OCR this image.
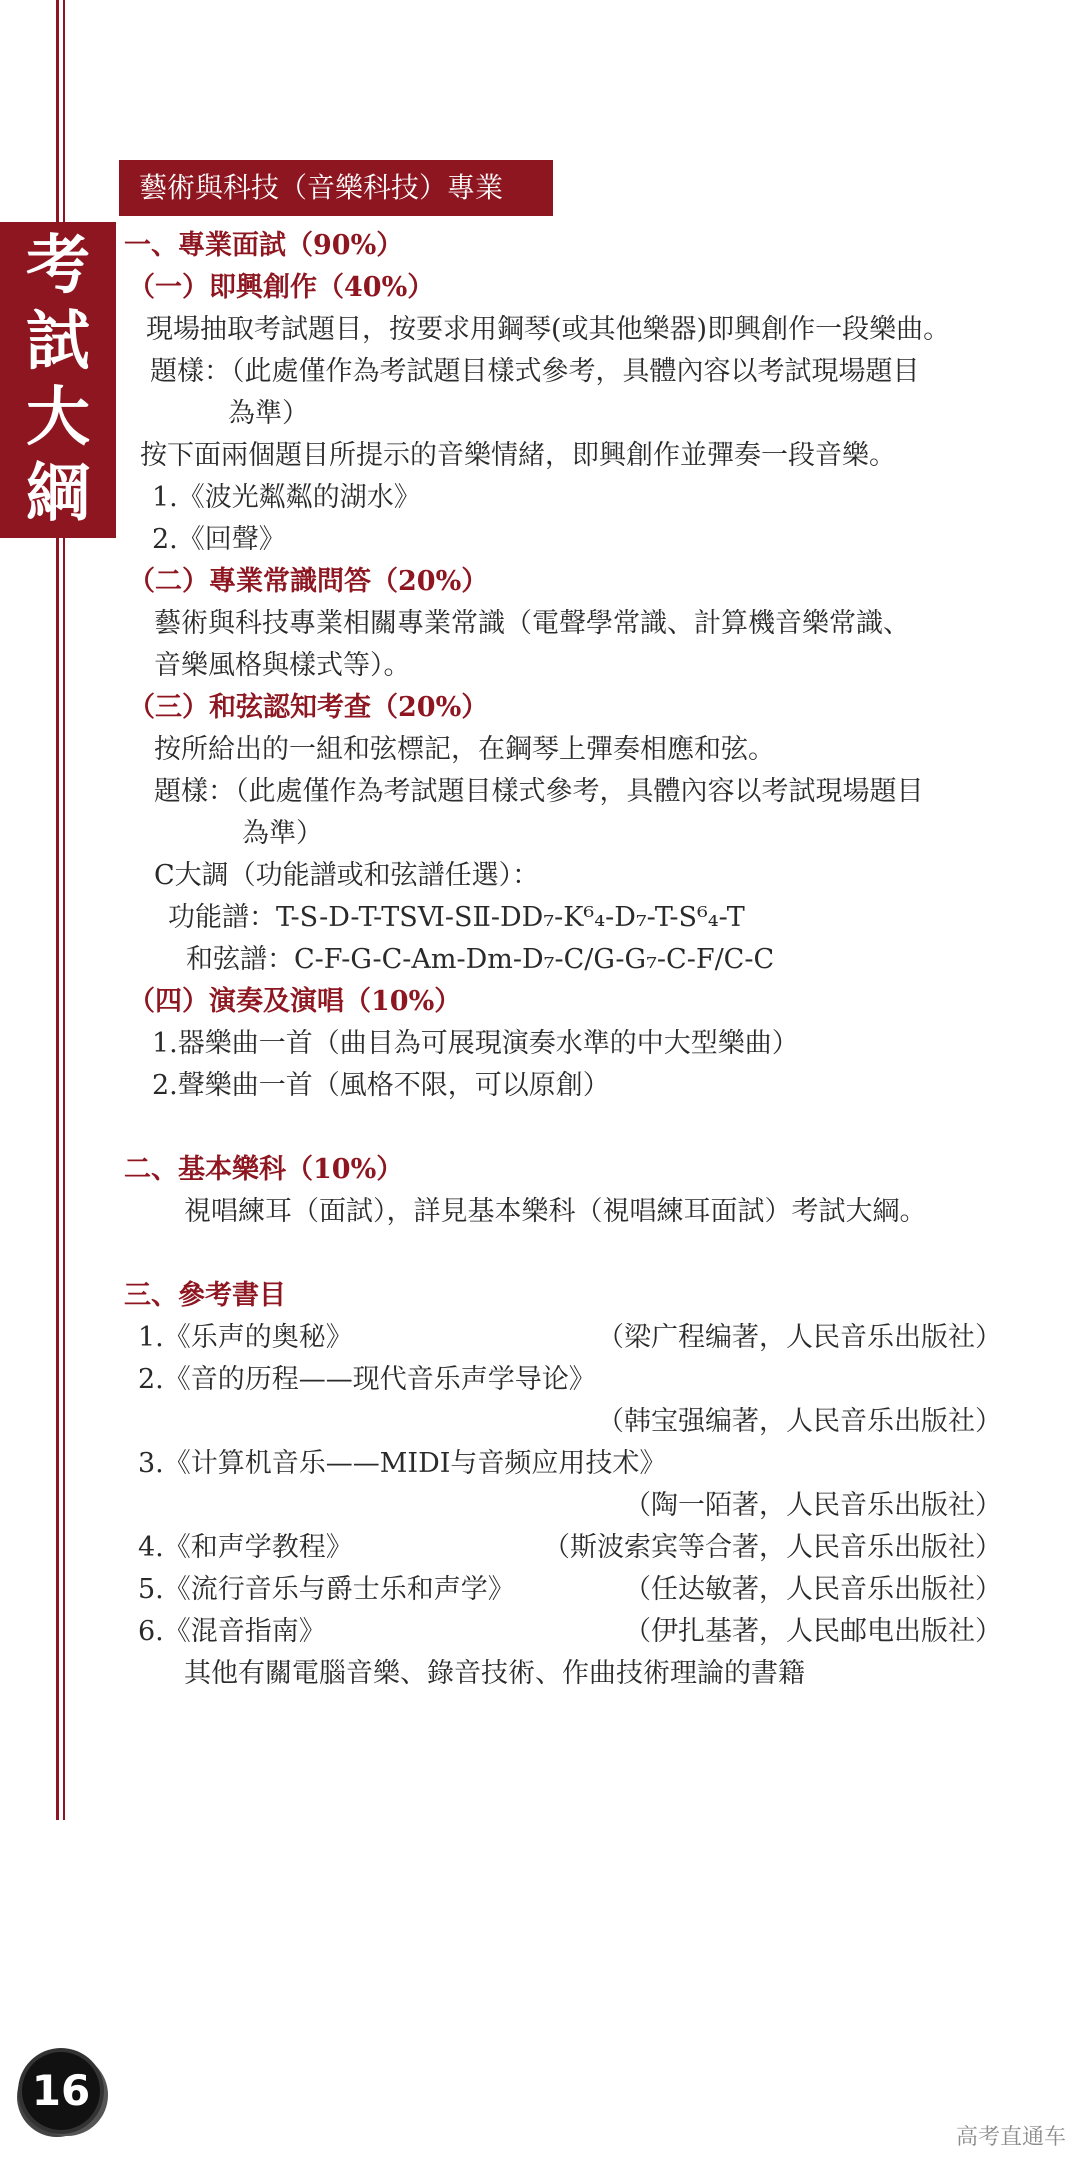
考
試
大
綱
藝術與科技（音樂科技）專業
一、專業面試（90%）
（一）即興創作（40%）
現場抽取考試題目，按要求用鋼琴(或其他樂器)即興創作一段樂曲。
題樣：（此處僅作為考試題目樣式參考，具體內容以考試現場題目
為準）
按下面兩個題目所提示的音樂情緒，即興創作並彈奏一段音樂。
1.《波光粼粼的湖水》
2.《回聲》
（二）專業常識問答（20%）
藝術與科技專業相關專業常識（電聲學常識、計算機音樂常識、
音樂風格與樣式等）。
（三）和弦認知考查（20%）
按所給出的一組和弦標記，在鋼琴上彈奏相應和弦。
題樣：（此處僅作為考試題目樣式參考，具體內容以考試現場題目
為準）
C大調（功能譜或和弦譜任選）：
功能譜：T-S-D-T-TSⅥ-SⅡ-DD₇-K⁶₄-D₇-T-S⁶₄-T
和弦譜：C-F-G-C-Am-Dm-D₇-C/G-G₇-C-F/C-C
（四）演奏及演唱（10%）
1.器樂曲一首（曲目為可展現演奏水準的中大型樂曲）
2.聲樂曲一首（風格不限，可以原創）
二、基本樂科（10%）
視唱練耳（面試），詳見基本樂科（視唱練耳面試）考試大綱。
三、參考書目
1.《乐声的奥秘》	（梁广程编著，人民音乐出版社）
2.《音的历程——现代音乐声学导论》
（韩宝强编著，人民音乐出版社）
3.《计算机音乐——MIDI与音频应用技术》
（陶一陌著，人民音乐出版社）
4.《和声学教程》	（斯波索宾等合著，人民音乐出版社）
5.《流行音乐与爵士乐和声学》	（任达敏著，人民音乐出版社）
6.《混音指南》	（伊扎基著，人民邮电出版社）
其他有關電腦音樂、錄音技術、作曲技術理論的書籍
16
高考直通车
